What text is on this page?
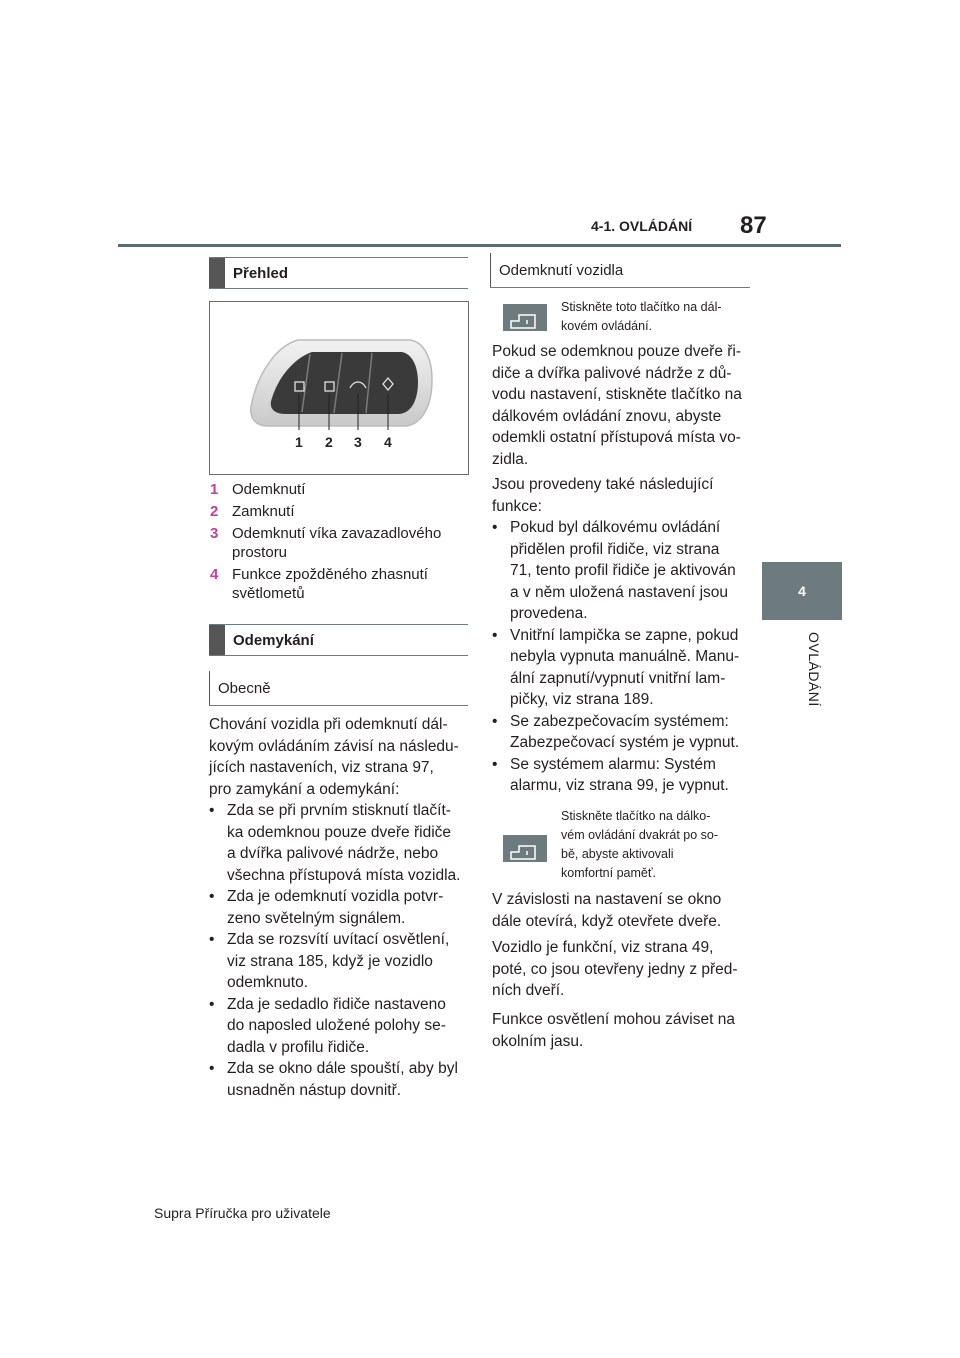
4-1. OVLÁDÁNÍ 87
4
OVLÁDÁNÍ
Přehled
1 2 3 4
1 Odemknutí
2 Zamknutí
3 Odemknutí víka zavazadlového
prostoru
4 Funkce zpožděného zhasnutí
světlometů
Odemykání
Obecně
Chování vozidla při odemknutí dál-
kovým ovládáním závisí na následu-
jících nastaveních, viz strana 97,
pro zamykání a odemykání:
• Zda se při prvním stisknutí tlačít-
ka odemknou pouze dveře řidiče
a dvířka palivové nádrže, nebo
všechna přístupová místa vozidla.
• Zda je odemknutí vozidla potvr-
zeno světelným signálem.
• Zda se rozsvítí uvítací osvětlení,
viz strana 185, když je vozidlo
odemknuto.
• Zda je sedadlo řidiče nastaveno
do naposled uložené polohy se-
dadla v profilu řidiče.
• Zda se okno dále spouští, aby byl
usnadněn nástup dovnitř.
Odemknutí vozidla
Stiskněte toto tlačítko na dál-
kovém ovládání.
Pokud se odemknou pouze dveře ři-
diče a dvířka palivové nádrže z dů-
vodu nastavení, stiskněte tlačítko na
dálkovém ovládání znovu, abyste
odemkli ostatní přístupová místa vo-
zidla.
Jsou provedeny také následující
funkce:
• Pokud byl dálkovému ovládání
přidělen profil řidiče, viz strana
71, tento profil řidiče je aktivován
a v něm uložená nastavení jsou
provedena.
• Vnitřní lampička se zapne, pokud
nebyla vypnuta manuálně. Manu-
ální zapnutí/vypnutí vnitřní lam-
pičky, viz strana 189.
• Se zabezpečovacím systémem:
Zabezpečovací systém je vypnut.
• Se systémem alarmu: Systém
alarmu, viz strana 99, je vypnut.
Stiskněte tlačítko na dálko-
vém ovládání dvakrát po so-
bě, abyste aktivovali
komfortní paměť.
V závislosti na nastavení se okno
dále otevírá, když otevřete dveře.
Vozidlo je funkční, viz strana 49,
poté, co jsou otevřeny jedny z před-
ních dveří.
Funkce osvětlení mohou záviset na
okolním jasu.
Supra Příručka pro uživatele
